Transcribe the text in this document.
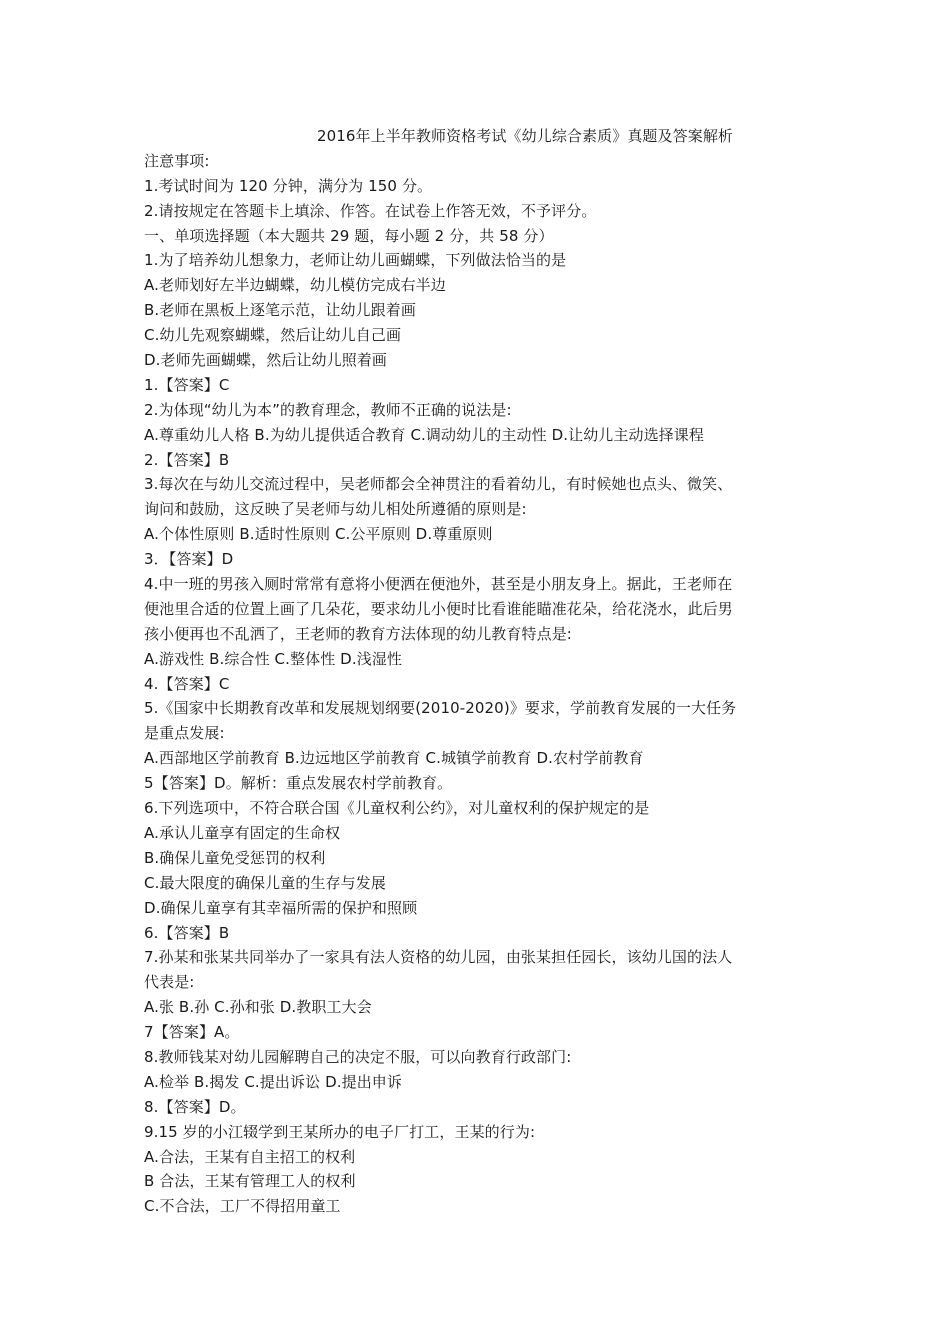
2016年上半年教师资格考试《幼儿综合素质》真题及答案解析
注意事项:
1.考试时间为 120 分钟，满分为 150 分。
2.请按规定在答题卡上填涂、作答。在试卷上作答无效，不予评分。
一、单项选择题（本大题共 29 题，每小题 2 分，共 58 分）
1.为了培养幼儿想象力，老师让幼儿画蝴蝶，下列做法恰当的是
A.老师划好左半边蝴蝶，幼儿模仿完成右半边
B.老师在黑板上逐笔示范，让幼儿跟着画
C.幼儿先观察蝴蝶，然后让幼儿自己画
D.老师先画蝴蝶，然后让幼儿照着画
1.【答案】C
2.为体现“幼儿为本”的教育理念，教师不正确的说法是:
A.尊重幼儿人格 B.为幼儿提供适合教育 C.调动幼儿的主动性 D.让幼儿主动选择课程
2.【答案】B
3.每次在与幼儿交流过程中，吴老师都会全神贯注的看着幼儿，有时候她也点头、微笑、
询问和鼓励，这反映了吴老师与幼儿相处所遵循的原则是:
A.个体性原则 B.适时性原则 C.公平原则 D.尊重原则
3．【答案】D
4.中一班的男孩入厕时常常有意将小便洒在便池外，甚至是小朋友身上。据此，王老师在
便池里合适的位置上画了几朵花，要求幼儿小便时比看谁能瞄准花朵，给花浇水，此后男
孩小便再也不乱洒了，王老师的教育方法体现的幼儿教育特点是:
A.游戏性 B.综合性 C.整体性 D.浅湿性
4.【答案】C
5.《国家中长期教育改革和发展规划纲要(2010-2020)》要求，学前教育发展的一大任务
是重点发展:
A.西部地区学前教育 B.边远地区学前教育 C.城镇学前教育 D.农村学前教育
5【答案】D。解析：重点发展农村学前教育。
6.下列选项中，不符合联合国《儿童权利公约》，对儿童权利的保护规定的是
A.承认儿童享有固定的生命权
B.确保儿童免受惩罚的权利
C.最大限度的确保儿童的生存与发展
D.确保儿童享有其幸福所需的保护和照顾
6.【答案】B
7.孙某和张某共同举办了一家具有法人资格的幼儿园，由张某担任园长，该幼儿国的法人
代表是:
A.张 B.孙 C.孙和张 D.教职工大会
7【答案】A。
8.教师钱某对幼儿园解聘自己的决定不服，可以向教育行政部门:
A.检举 B.揭发 C.提出诉讼 D.提出申诉
8.【答案】D。
9.15 岁的小江辍学到王某所办的电子厂打工，王某的行为:
A.合法，王某有自主招工的权利
B 合法，王某有管理工人的权利
C.不合法，工厂不得招用童工
